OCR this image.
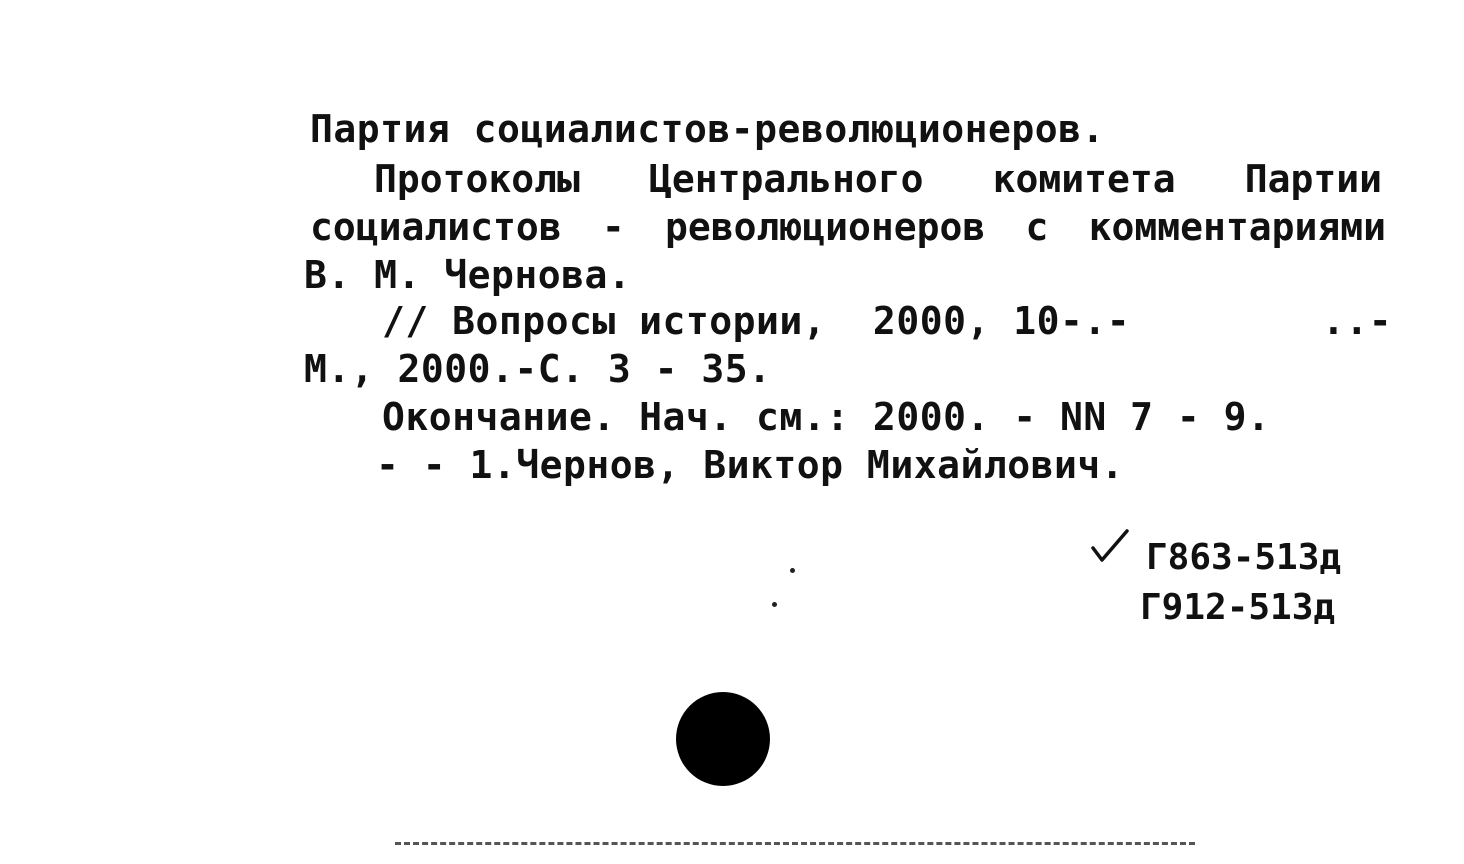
Партия социалистов-революционеров.
Протоколы Центрального комитета Партии
социалистов - революционеров с комментариями
В. М. Чернова.
// Вопросы истории,  2000, 10-.-	..-
М., 2000.-С. 3 - 35.
Окончание. Нач. см.: 2000. - NN 7 - 9.
- - 1.Чернов, Виктор Михайлович.
Г863-513д
Г912-513д
